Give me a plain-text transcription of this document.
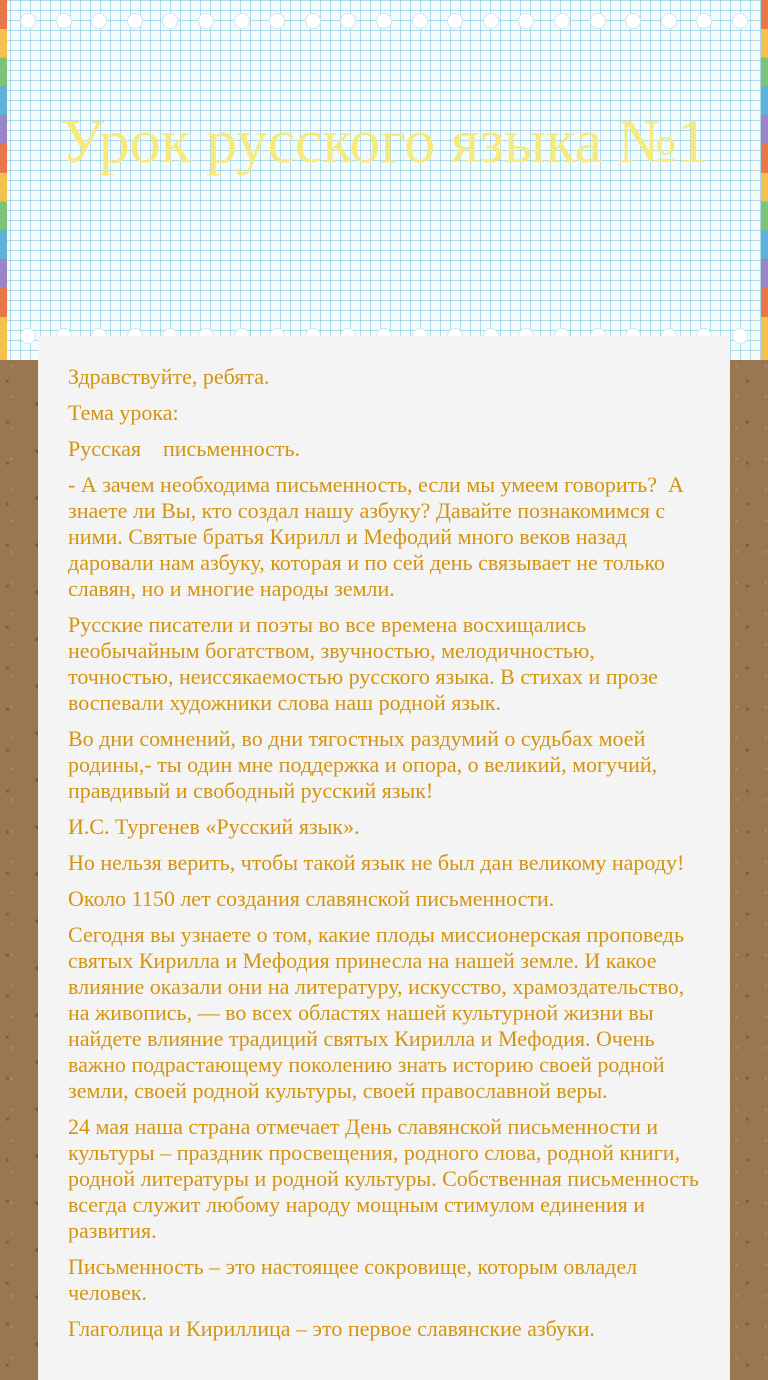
Урок русского языка №1

Здравствуйте, ребята.

Тема урока:

Русская    письменность.

- А зачем необходима письменность, если мы умеем говорить?  А знаете ли Вы, кто создал нашу азбуку? Давайте познакомимся с ними. Святые братья Кирилл и Мефодий много веков назад даровали нам азбуку, которая и по сей день связывает не только славян, но и многие народы земли.

Русские писатели и поэты во все времена восхищались необычайным богатством, звучностью, мелодичностью, точностью, неиссякаемостью русского языка. В стихах и прозе воспевали художники слова наш родной язык.

Во дни сомнений, во дни тягостных раздумий о судьбах моей родины,- ты один мне поддержка и опора, о великий, могучий, правдивый и свободный русский язык!

И.С. Тургенев «Русский язык».

Но нельзя верить, чтобы такой язык не был дан великому народу!

Около 1150 лет создания славянской письменности.

Сегодня вы узнаете о том, какие плоды миссионерская проповедь святых Кирилла и Мефодия принесла на нашей земле. И какое влияние оказали они на литературу, искусство, храмоздательство, на живопись, — во всех областях нашей культурной жизни вы найдете влияние традиций святых Кирилла и Мефодия. Очень важно подрастающему поколению знать историю своей родной земли, своей родной культуры, своей православной веры.

24 мая наша страна отмечает День славянской письменности и культуры – праздник просвещения, родного слова, родной книги, родной литературы и родной культуры. Собственная письменность всегда служит любому народу мощным стимулом единения и развития.

Письменность – это настоящее сокровище, которым овладел человек.

Глаголица и Кириллица – это первое славянские азбуки.
